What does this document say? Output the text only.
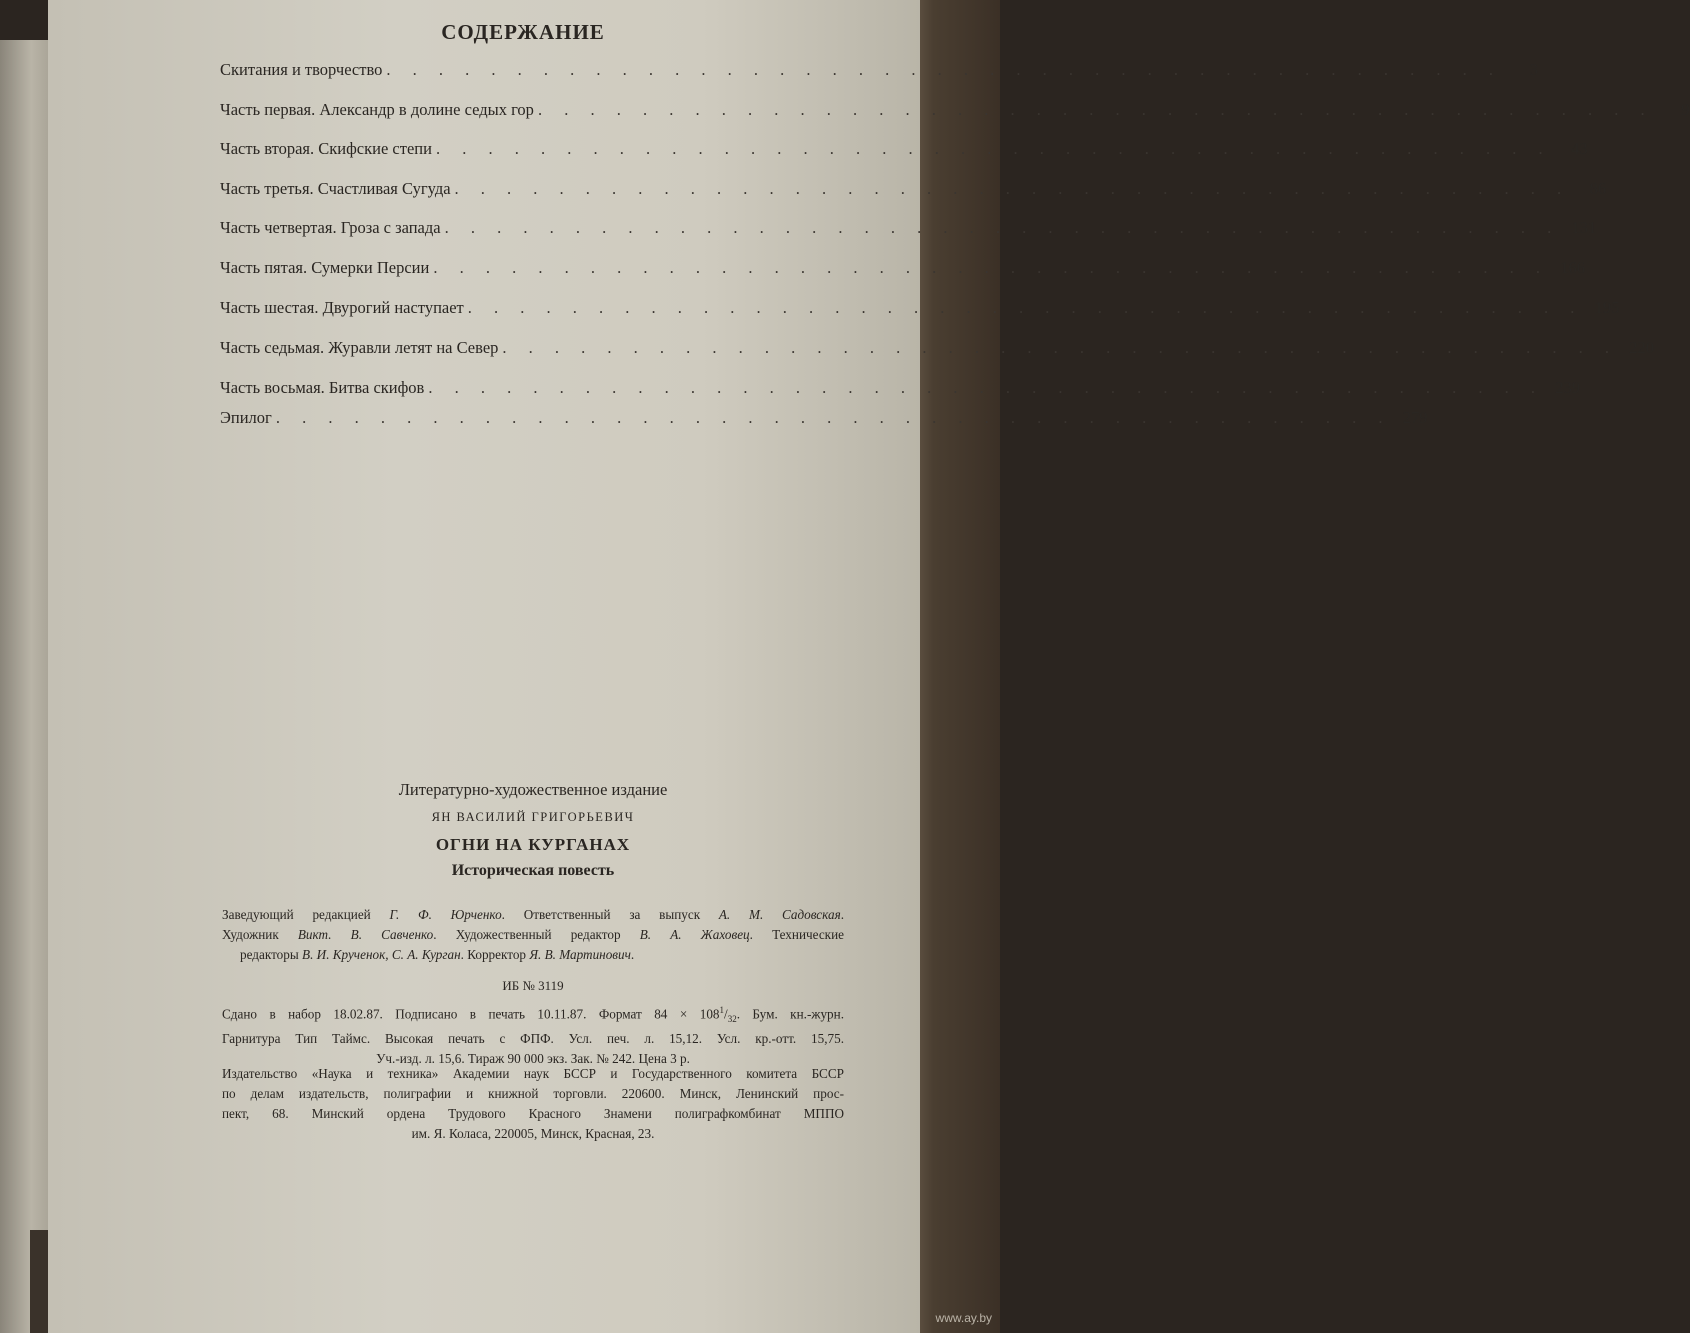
СОДЕРЖАНИЕ
Скитания и творчество . . . . . . . . . . . . . . . . . . . . . . . . . . . . . . . . . . . . . . . . . . .	3
Часть первая. Александр в долине седых гор . . . . . . . . . . . . . . . . . . . . . . . . . . . . . . . . . . . . . . . . . . .	9
Часть вторая. Скифские степи . . . . . . . . . . . . . . . . . . . . . . . . . . . . . . . . . . . . . . . . . . .	43
Часть третья. Счастливая Сугуда . . . . . . . . . . . . . . . . . . . . . . . . . . . . . . . . . . . . . . . . . . .	86
Часть четвертая. Гроза с запада . . . . . . . . . . . . . . . . . . . . . . . . . . . . . . . . . . . . . . . . . . . 131
Часть пятая. Сумерки Персии . . . . . . . . . . . . . . . . . . . . . . . . . . . . . . . . . . . . . . . . . . . 166
Часть шестая. Двурогий наступает . . . . . . . . . . . . . . . . . . . . . . . . . . . . . . . . . . . . . . . . . . . 195
Часть седьмая. Журавли летят на Север . . . . . . . . . . . . . . . . . . . . . . . . . . . . . . . . . . . . . . . . . . . 220
Часть восьмая. Битва скифов . . . . . . . . . . . . . . . . . . . . . . . . . . . . . . . . . . . . . . . . . . . 239
Эпилог . . . . . . . . . . . . . . . . . . . . . . . . . . . . . . . . . . . . . . . . . . . 279
Литературно-художественное издание
ЯН ВАСИЛИЙ ГРИГОРЬЕВИЧ
ОГНИ НА КУРГАНАХ
Историческая повесть
Заведующий редакцией Г. Ф. Юрченко. Ответственный за выпуск А. М. Садовская.
Художник Викт. В. Савченко. Художественный редактор В. А. Жаховец. Технические
редакторы В. И. Крученок, С. А. Курган. Корректор Я. В. Мартинович.
ИБ № 3119
Сдано в набор 18.02.87. Подписано в печать 10.11.87. Формат $84 \times 108^1/_{32}$. Бум. кн.-журн.
Гарнитура Тип Таймс. Высокая печать с ФПФ. Усл. печ. л. 15,12. Усл. кр.-отт. 15,75.
Уч.-изд. л. 15,6. Тираж 90 000 экз. Зак. № 242. Цена 3 р.
Издательство «Наука и техника» Академии наук БССР и Государственного комитета БССР
по делам издательств, полиграфии и книжной торговли. 220600. Минск, Ленинский прос-
пект, 68. Минский ордена Трудового Красного Знамени полиграфкомбинат МППО
им. Я. Коласа, 220005, Минск, Красная, 23.
www.ay.by
